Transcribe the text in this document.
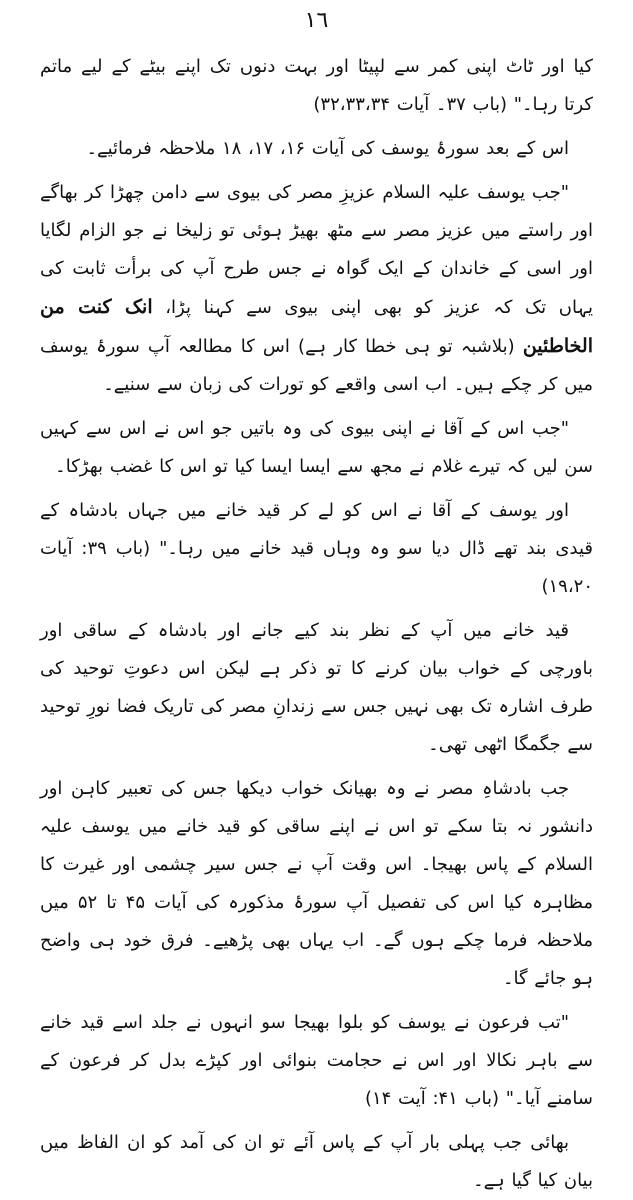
١٦

کیا اور ٹاٹ اپنی کمر سے لپیٹا اور بہت دنوں تک اپنے بیٹے کے لیے ماتم کرتا رہا۔" (باب ۳۷۔ آیات ۳۲،۳۳،۳۴)

اس کے بعد سورۂ یوسف کی آیات ۱۶، ۱۷، ۱۸ ملاحظہ فرمائیے۔

"جب یوسف علیہ السلام عزیزِ مصر کی بیوی سے دامن چھڑا کر بھاگے اور راستے میں عزیز مصر سے مٹھ بھیڑ ہوئی تو زلیخا نے جو الزام لگایا اور اسی کے خاندان کے ایک گواہ نے جس طرح آپ کی برأت ثابت کی یہاں تک کہ عزیز کو بھی اپنی بیوی سے کہنا پڑا، انک کنت من الخاطئین (بلاشبہ تو ہی خطا کار ہے) اس کا مطالعہ آپ سورۂ یوسف میں کر چکے ہیں۔ اب اسی واقعے کو تورات کی زبان سے سنیے۔

"جب اس کے آقا نے اپنی بیوی کی وہ باتیں جو اس نے اس سے کہیں سن لیں کہ تیرے غلام نے مجھ سے ایسا ایسا کیا تو اس کا غضب بھڑکا۔

اور یوسف کے آقا نے اس کو لے کر قید خانے میں جہاں بادشاہ کے قیدی بند تھے ڈال دیا سو وہ وہاں قید خانے میں رہا۔" (باب ۳۹: آیات ۱۹،۲۰)

قید خانے میں آپ کے نظر بند کیے جانے اور بادشاہ کے ساقی اور باورچی کے خواب بیان کرنے کا تو ذکر ہے لیکن اس دعوتِ توحید کی طرف اشارہ تک بھی نہیں جس سے زندانِ مصر کی تاریک فضا نورِ توحید سے جگمگا اٹھی تھی۔

جب بادشاہِ مصر نے وہ بھیانک خواب دیکھا جس کی تعبیر کاہن اور دانشور نہ بتا سکے تو اس نے اپنے ساقی کو قید خانے میں یوسف علیہ السلام کے پاس بھیجا۔ اس وقت آپ نے جس سیر چشمی اور غیرت کا مظاہرہ کیا اس کی تفصیل آپ سورۂ مذکورہ کی آیات ۴۵ تا ۵۲ میں ملاحظہ فرما چکے ہوں گے۔ اب یہاں بھی پڑھیے۔ فرق خود ہی واضح ہو جائے گا۔

"تب فرعون نے یوسف کو بلوا بھیجا سو انہوں نے جلد اسے قید خانے سے باہر نکالا اور اس نے حجامت بنوائی اور کپڑے بدل کر فرعون کے سامنے آیا۔" (باب ۴۱: آیت ۱۴)

بھائی جب پہلی بار آپ کے پاس آئے تو ان کی آمد کو ان الفاظ میں بیان کیا گیا ہے۔
